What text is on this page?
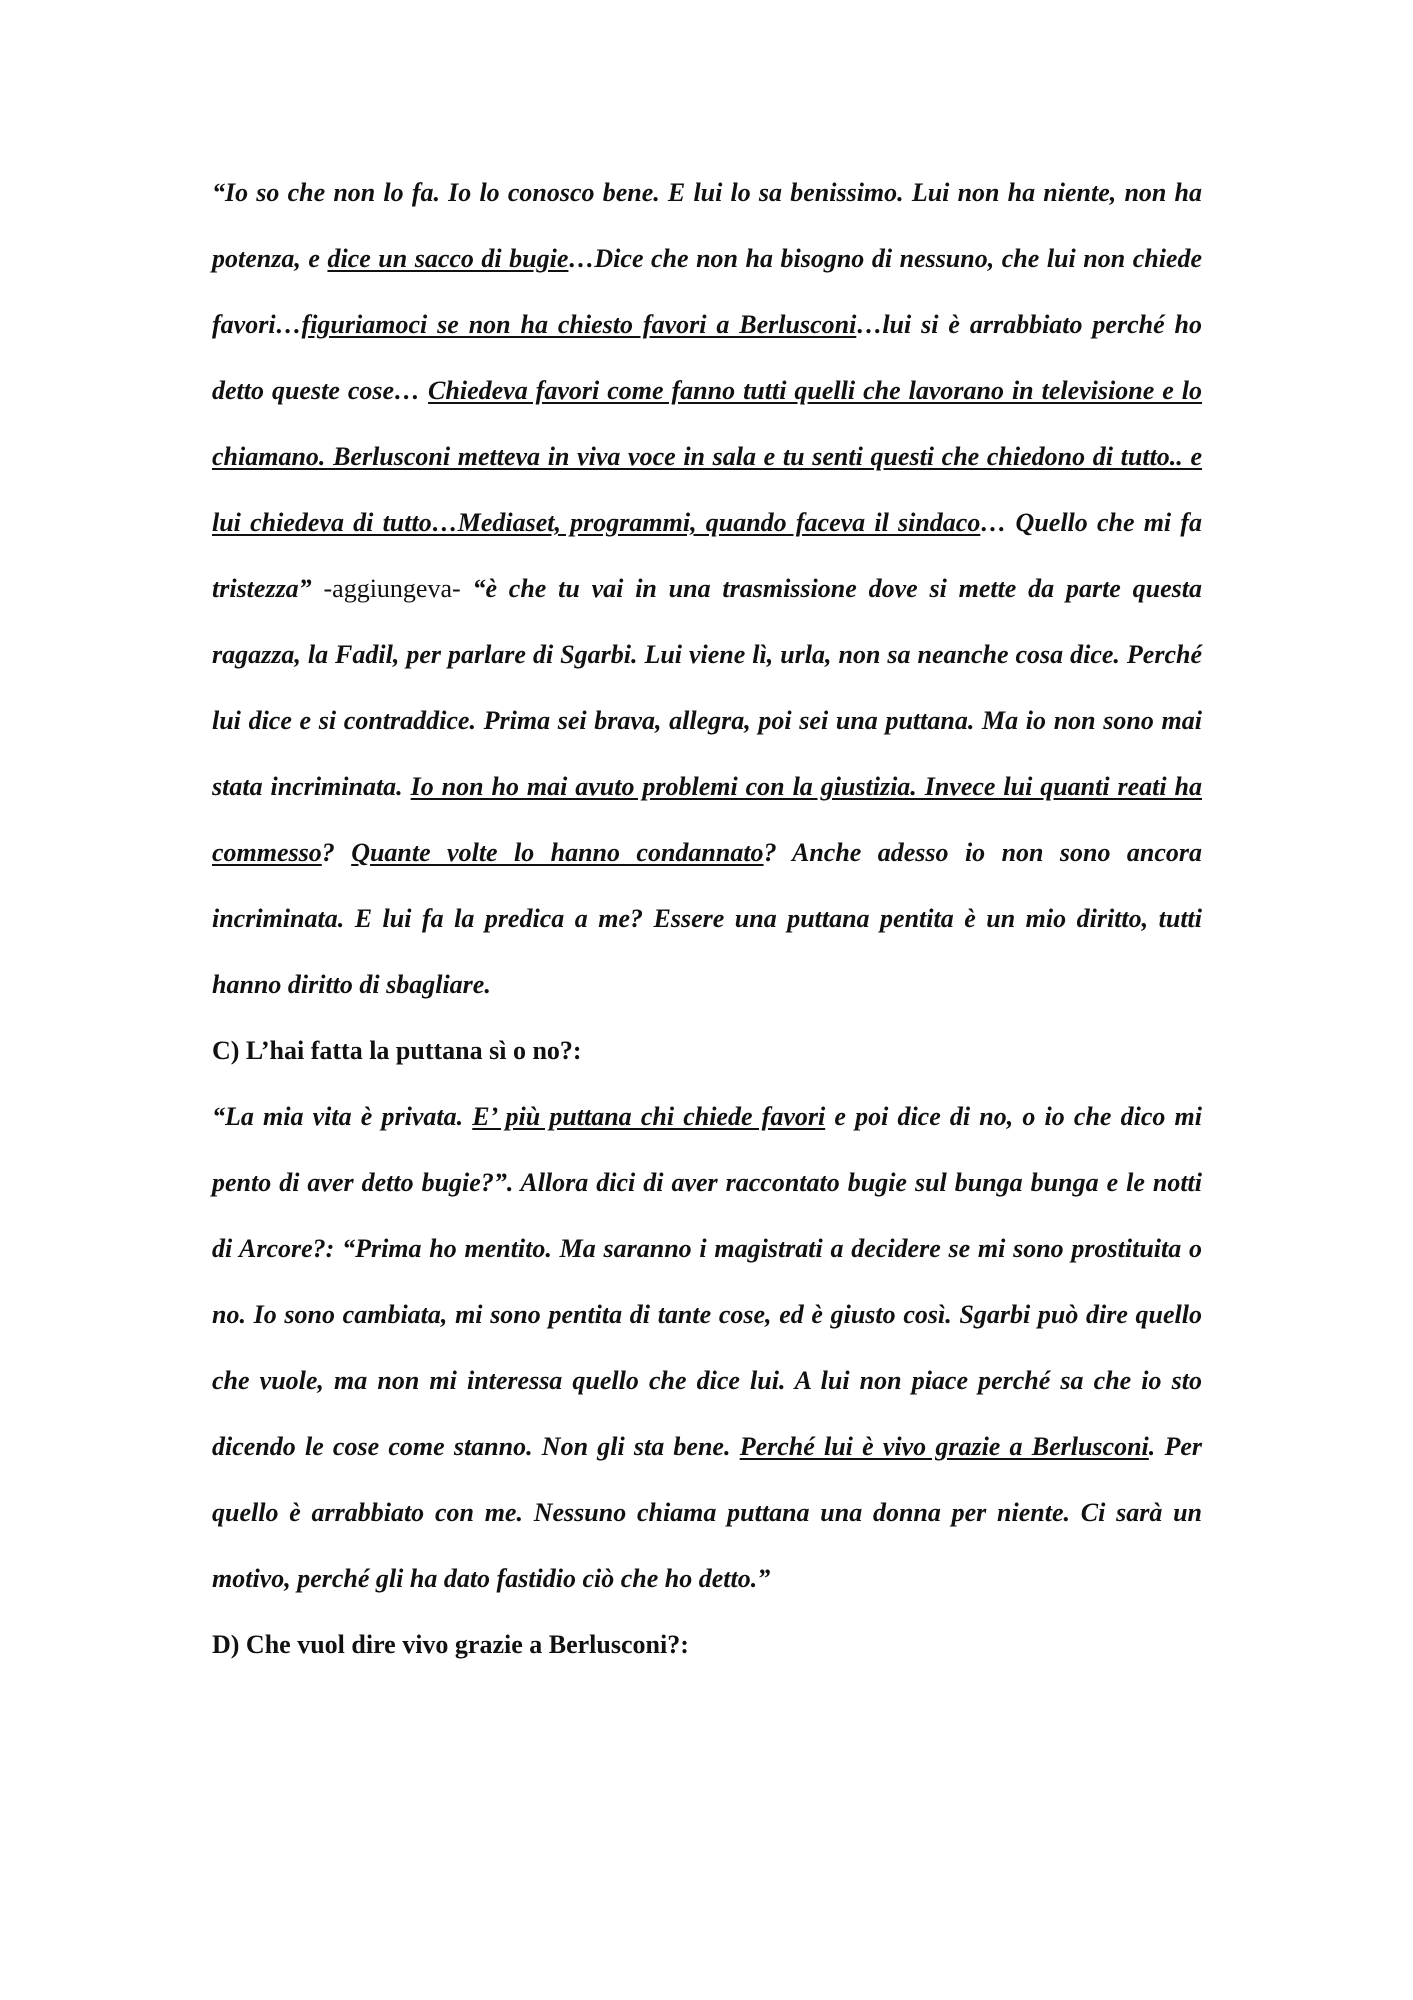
“Io so che non lo fa. Io lo conosco bene. E lui lo sa benissimo. Lui non ha niente, non ha potenza, e dice un sacco di bugie…Dice che non ha bisogno di nessuno, che lui non chiede favori…figuriamoci se non ha chiesto favori a Berlusconi…lui si è arrabbiato perché ho detto queste cose… Chiedeva favori come fanno tutti quelli che lavorano in televisione e lo chiamano. Berlusconi metteva in viva voce in sala e tu senti questi che chiedono di tutto.. e lui chiedeva di tutto…Mediaset, programmi, quando faceva il sindaco… Quello che mi fa tristezza” -aggiungeva- “è che tu vai in una trasmissione dove si mette da parte questa ragazza, la Fadil, per parlare di Sgarbi. Lui viene lì, urla, non sa neanche cosa dice. Perché lui dice e si contraddice. Prima sei brava, allegra, poi sei una puttana. Ma io non sono mai stata incriminata. Io non ho mai avuto problemi con la giustizia. Invece lui quanti reati ha commesso? Quante volte lo hanno condannato? Anche adesso io non sono ancora incriminata. E lui fa la predica a me? Essere una puttana pentita è un mio diritto, tutti hanno diritto di sbagliare.

C) L’hai fatta la puttana sì o no?:

“La mia vita è privata. E’ più puttana chi chiede favori e poi dice di no, o io che dico mi pento di aver detto bugie?”. Allora dici di aver raccontato bugie sul bunga bunga e le notti di Arcore?: “Prima ho mentito. Ma saranno i magistrati a decidere se mi sono prostituita o no. Io sono cambiata, mi sono pentita di tante cose, ed è giusto così. Sgarbi può dire quello che vuole, ma non mi interessa quello che dice lui. A lui non piace perché sa che io sto dicendo le cose come stanno. Non gli sta bene. Perché lui è vivo grazie a Berlusconi. Per quello è arrabbiato con me. Nessuno chiama puttana una donna per niente. Ci sarà un motivo, perché gli ha dato fastidio ciò che ho detto.”

D) Che vuol dire vivo grazie a Berlusconi?:
